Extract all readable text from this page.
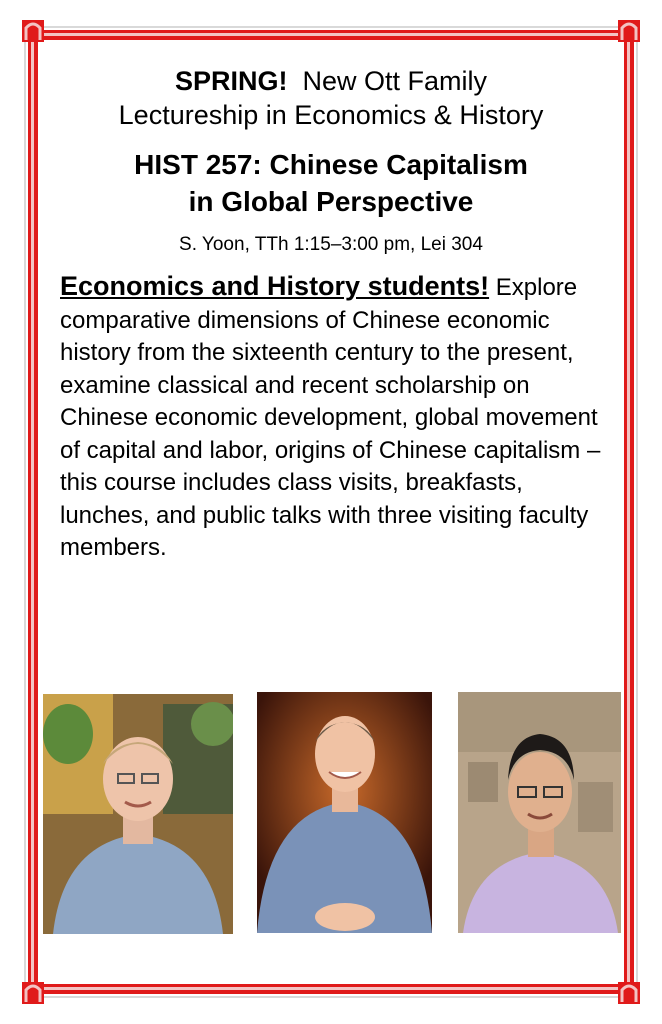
SPRING! New Ott Family
Lectureship in Economics & History
HIST 257: Chinese Capitalism
in Global Perspective
S. Yoon, TTh 1:15–3:00 pm, Lei 304
Economics and History students! Explore comparative dimensions of Chinese economic history from the sixteenth century to the present, examine classical and recent scholarship on Chinese economic development, global movement of capital and labor, origins of Chinese capitalism – this course includes class visits, breakfasts, lunches, and public talks with three visiting faculty members.
